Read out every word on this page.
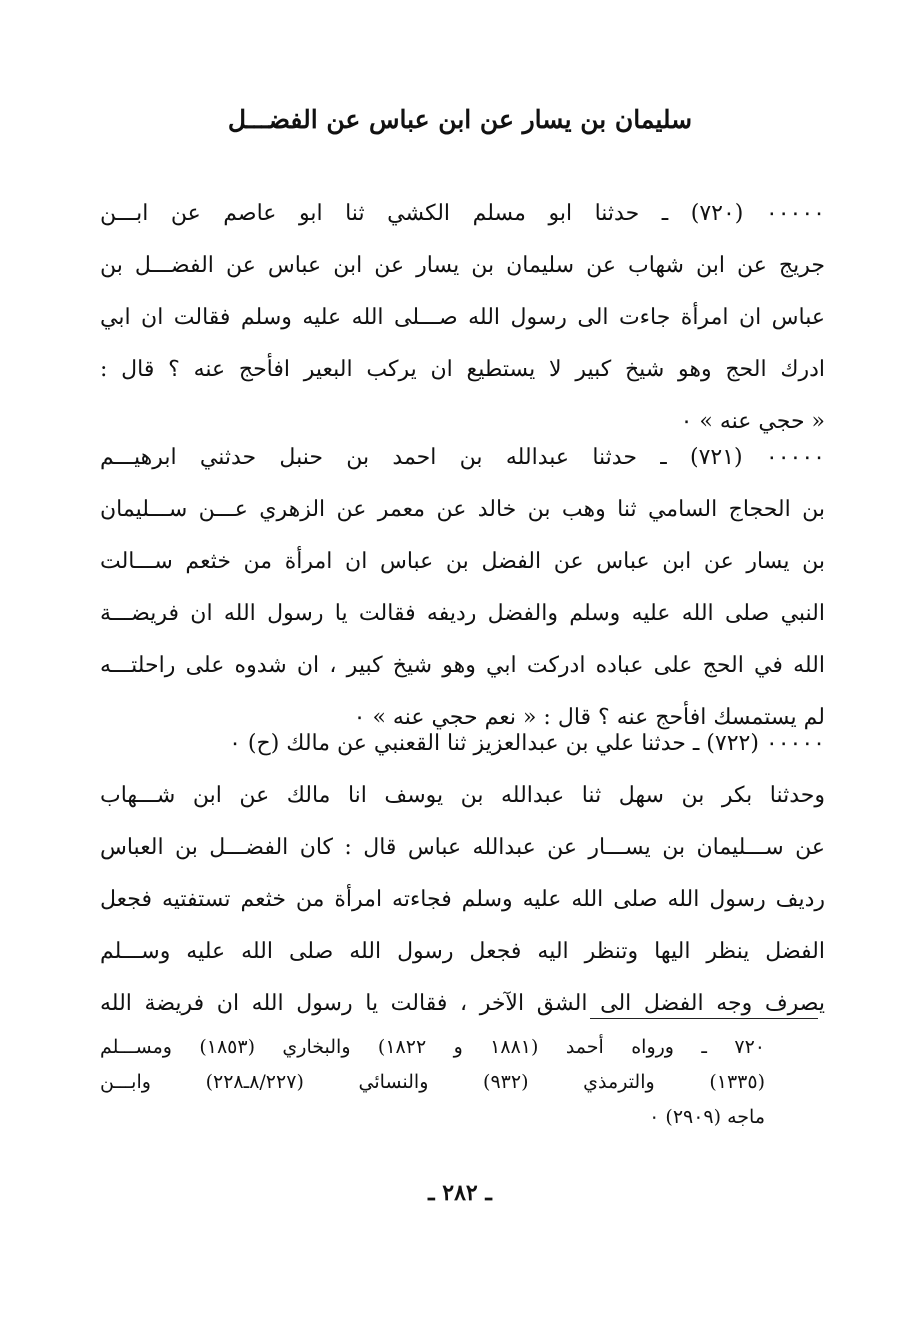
سليمان بن يسار عن ابن عباس عن الفضـــل
٠٠٠٠٠ (٧٢٠) ـ حدثنا ابو مسلم الكشي ثنا ابو عاصم عن ابـــن
جريج عن ابن شهاب عن سليمان بن يسار عن ابن عباس عن الفضـــل بن
عباس ان امرأة جاءت الى رسول الله صـــلى الله عليه وسلم فقالت ان ابي
ادرك الحج وهو شيخ كبير لا يستطيع ان يركب البعير افأحج عنه ؟ قال :
« حجي عنه » ٠
٠٠٠٠٠ (٧٢١) ـ حدثنا عبدالله بن احمد بن حنبل حدثني ابرهيـــم
بن الحجاج السامي ثنا وهب بن خالد عن معمر عن الزهري عـــن ســـليمان
بن يسار عن ابن عباس عن الفضل بن عباس ان امرأة من خثعم ســـالت
النبي صلى الله عليه وسلم والفضل رديفه فقالت يا رسول الله ان فريضـــة
الله في الحج على عباده ادركت ابي وهو شيخ كبير ، ان شدوه على راحلتـــه
لم يستمسك افأحج عنه ؟ قال : « نعم حجي عنه » ٠
٠٠٠٠٠ (٧٢٢) ـ حدثنا علي بن عبدالعزيز ثنا القعنبي عن مالك (ح) ٠
وحدثنا بكر بن سهل ثنا عبدالله بن يوسف انا مالك عن ابن شـــهاب
عن ســـليمان بن يســـار عن عبدالله عباس قال : كان الفضـــل بن العباس
رديف رسول الله صلى الله عليه وسلم فجاءته امرأة من خثعم تستفتيه فجعل
الفضل ينظر اليها وتنظر اليه فجعل رسول الله صلى الله عليه وســـلم
يصرف وجه الفضل الى الشق الآخر ، فقالت يا رسول الله ان فريضة الله
٧٢٠ ـ ورواه أحمد (١٨٨١ و ١٨٢٢) والبخاري (١٨٥٣) ومســـلم
(١٣٣٥) والترمذي (٩٣٢) والنسائي (٨/٢٢٧ـ٢٢٨) وابـــن
ماجه (٢٩٠٩) ٠
ـ ٢٨٢ ـ
